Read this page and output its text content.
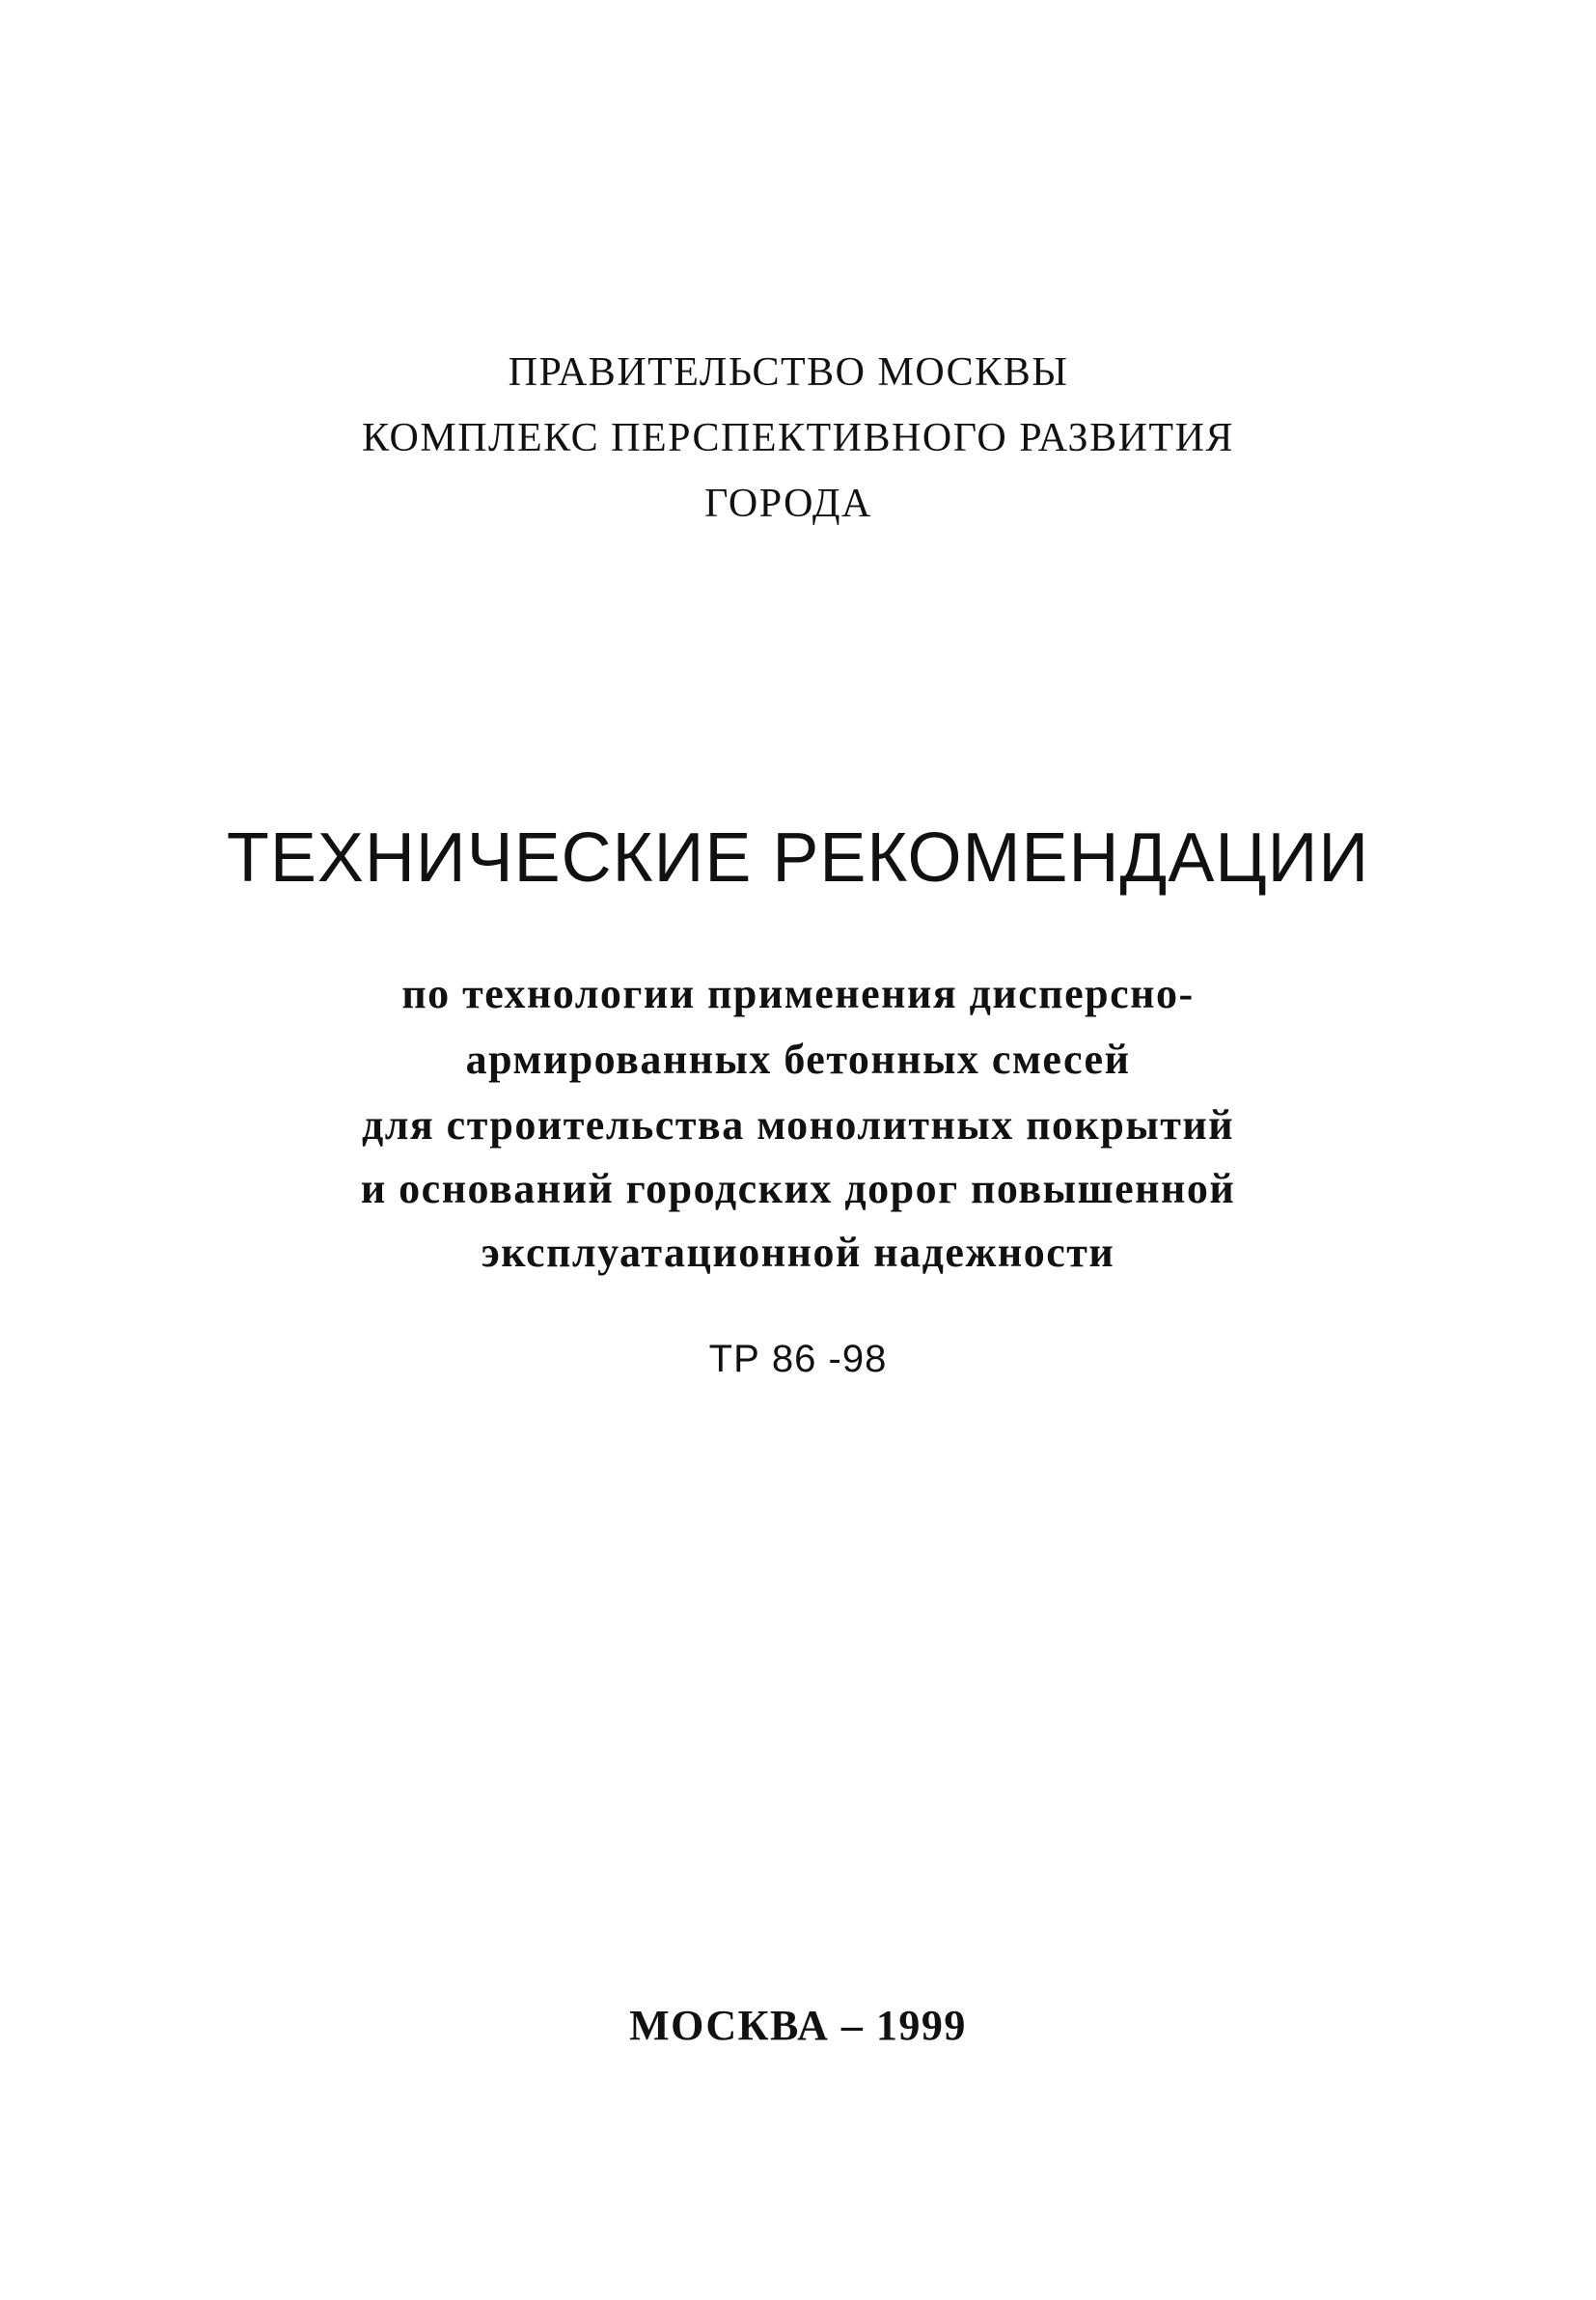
ПРАВИТЕЛЬСТВО МОСКВЫ
КОМПЛЕКС ПЕРСПЕКТИВНОГО РАЗВИТИЯ
ГОРОДА
ТЕХНИЧЕСКИЕ РЕКОМЕНДАЦИИ
по технологии применения дисперсно-
армированных бетонных смесей
для строительства монолитных покрытий
и оснований городских дорог повышенной
эксплуатационной надежности
ТР 86 -98
МОСКВА – 1999
